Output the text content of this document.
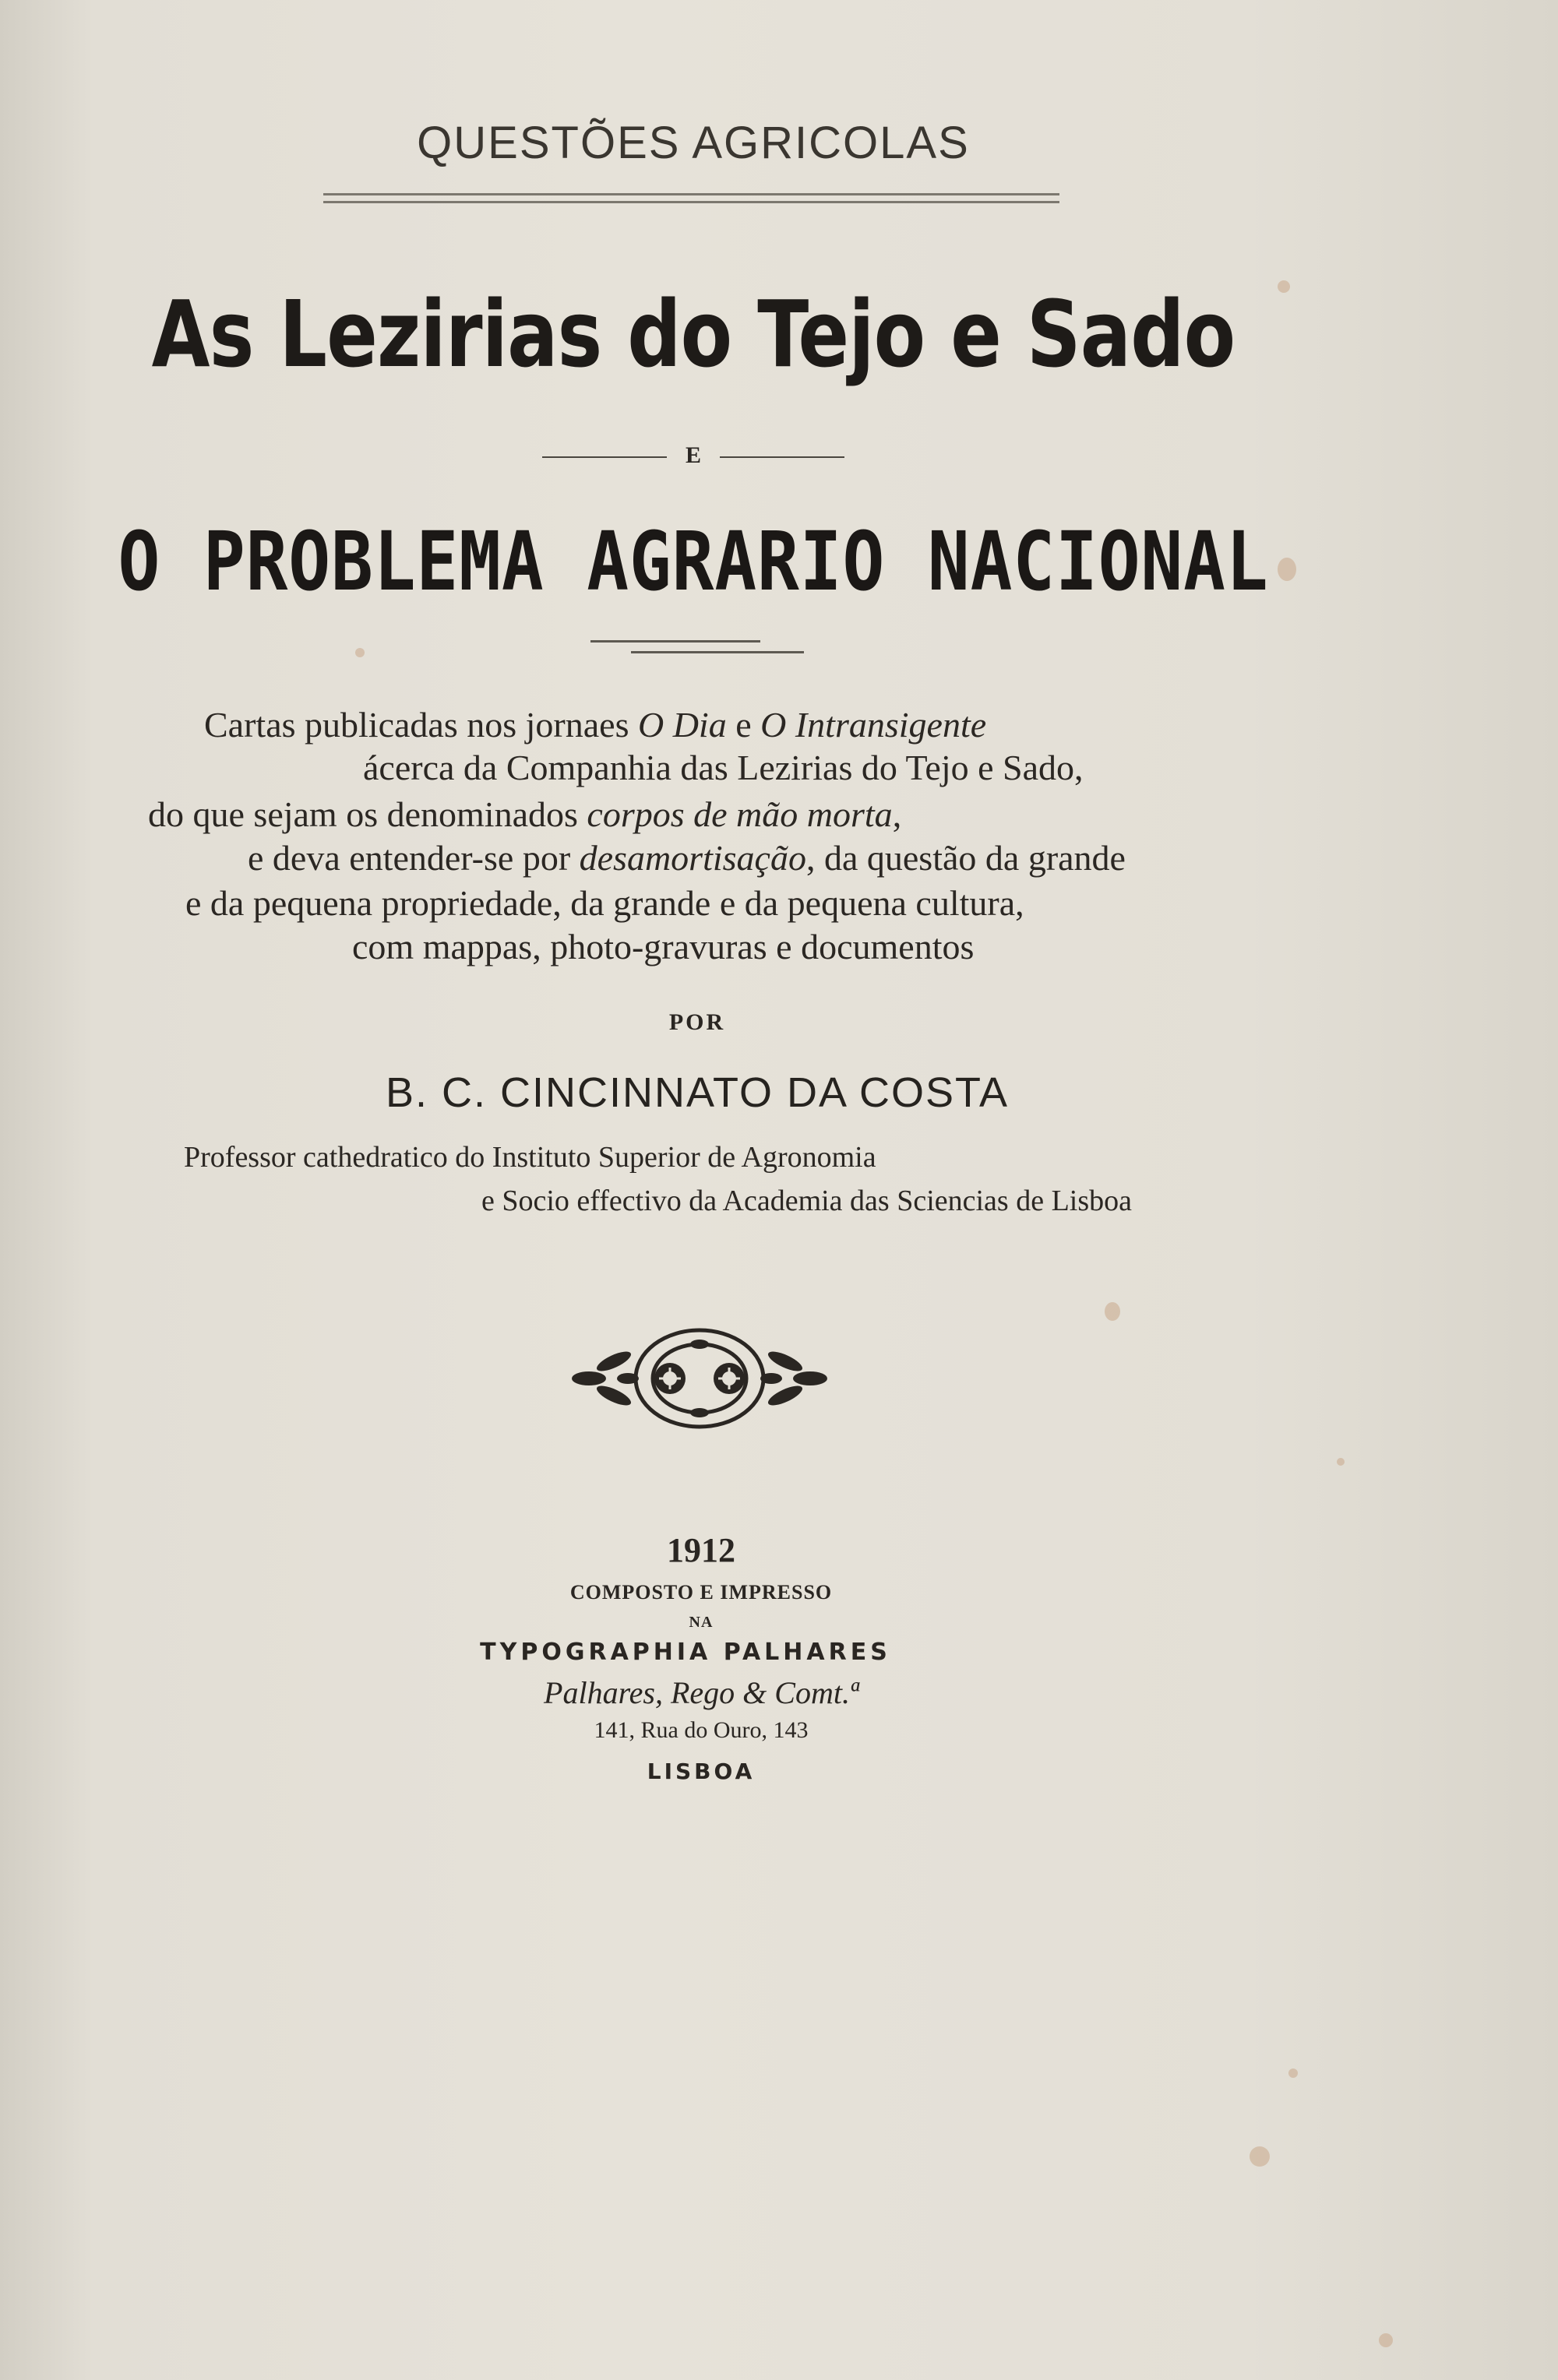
QUESTÕES AGRICOLAS
As Lezirias do Tejo e Sado
E
O PROBLEMA AGRARIO NACIONAL
Cartas publicadas nos jornaes O Dia e O Intransigente
ácerca da Companhia das Lezirias do Tejo e Sado,
do que sejam os denominados corpos de mão morta,
e deva entender-se por desamortisação, da questão da grande
e da pequena propriedade, da grande e da pequena cultura,
com mappas, photo-gravuras e documentos
POR
B. C. CINCINNATO DA COSTA
Professor cathedratico do Instituto Superior de Agronomia
e Socio effectivo da Academia das Sciencias de Lisboa
1912
COMPOSTO E IMPRESSO
NA
TYPOGRAPHIA PALHARES
Palhares, Rego & Comt.ª
141, Rua do Ouro, 143
LISBOA
